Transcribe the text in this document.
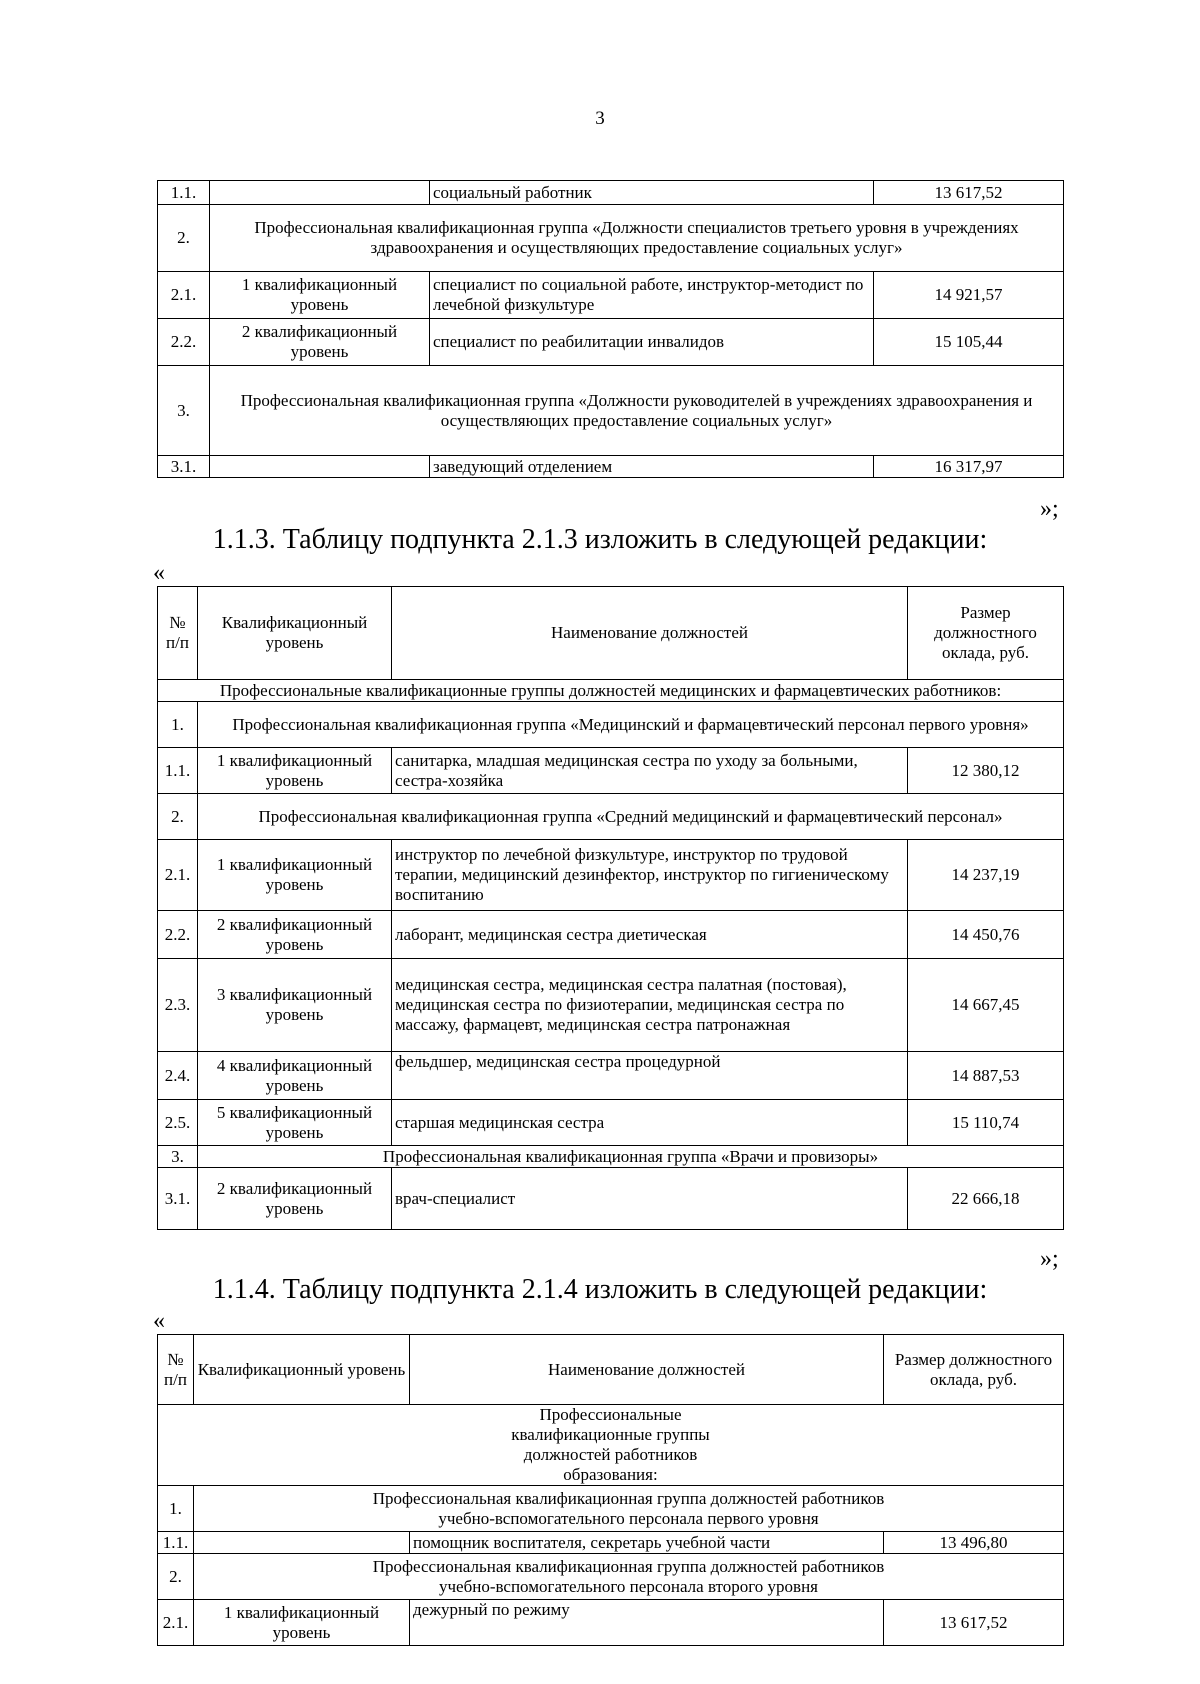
3
1.1.		социальный работник	13 617,52
2.	Профессиональная квалификационная группа «Должности специалистов третьего уровня в учреждениях здравоохранения и осуществляющих предоставление социальных услуг»		
2.1.	1 квалификационный уровень	специалист по социальной работе, инструктор-методист по лечебной физкультуре	14 921,57
2.2.	2 квалификационный уровень	специалист по реабилитации инвалидов	15 105,44
3.	Профессиональная квалификационная группа «Должности руководителей в учреждениях здравоохранения и осуществляющих предоставление социальных услуг»		
3.1.		заведующий отделением	16 317,97
»;
1.1.3. Таблицу подпункта 2.1.3 изложить в следующей редакции:
«
№ п/п	Квалификационный уровень	Наименование должностей	Размер должностного оклада, руб.
Профессиональные квалификационные группы должностей медицинских и фармацевтических работников:			
1.	Профессиональная квалификационная группа «Медицинский и фармацевтический персонал первого уровня»		
1.1.	1 квалификационный уровень	санитарка, младшая медицинская сестра по уходу за больными, сестра-хозяйка	12 380,12
2.	Профессиональная квалификационная группа «Средний медицинский и фармацевтический персонал»		
2.1.	1 квалификационный уровень	инструктор по лечебной физкультуре, инструктор по трудовой терапии, медицинский дезинфектор, инструктор по гигиеническому воспитанию	14 237,19
2.2.	2 квалификационный уровень	лаборант, медицинская сестра диетическая	14 450,76
2.3.	3 квалификационный уровень	медицинская сестра, медицинская сестра палатная (постовая), медицинская сестра по физиотерапии, медицинская сестра по массажу, фармацевт, медицинская сестра патронажная	14 667,45
2.4.	4 квалификационный уровень	фельдшер, медицинская сестра процедурной	14 887,53
2.5.	5 квалификационный уровень	старшая медицинская сестра	15 110,74
3.	Профессиональная квалификационная группа «Врачи и провизоры»		
3.1.	2 квалификационный уровень	врач-специалист	22 666,18
»;
1.1.4. Таблицу подпункта 2.1.4 изложить в следующей редакции:
«
№ п/п	Квалификационный уровень	Наименование должностей	Размер должностного оклада, руб.
Профессиональные квалификационные группы должностей работников образования:			
1.	Профессиональная квалификационная группа должностей работников учебно-вспомогательного персонала первого уровня		
1.1.		помощник воспитателя, секретарь учебной части	13 496,80
2.	Профессиональная квалификационная группа должностей работников учебно-вспомогательного персонала второго уровня		
2.1.	1 квалификационный уровень	дежурный по режиму	13 617,52
